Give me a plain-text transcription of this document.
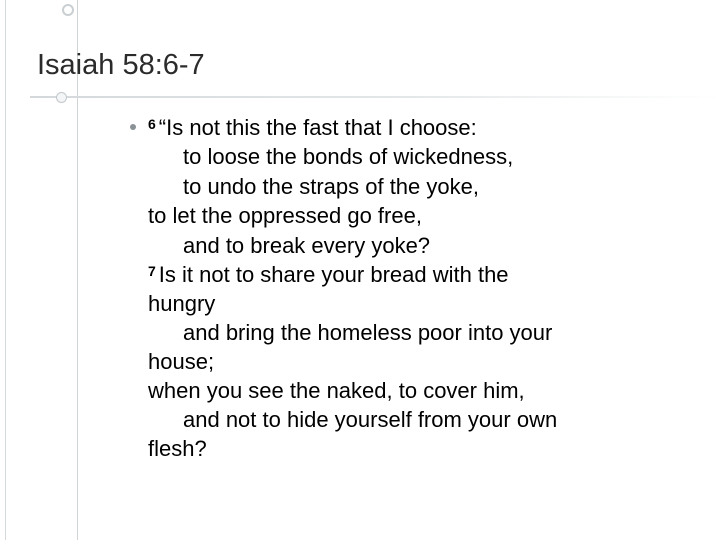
Isaiah 58:6-7
$^6$ “Is not this the fast that I choose:
to loose the bonds of wickedness,
to undo the straps of the yoke,
to let the oppressed go free,
and to break every yoke?
$^7$ Is it not to share your bread with the
hungry
and bring the homeless poor into your
house;
when you see the naked, to cover him,
and not to hide yourself from your own
flesh?
